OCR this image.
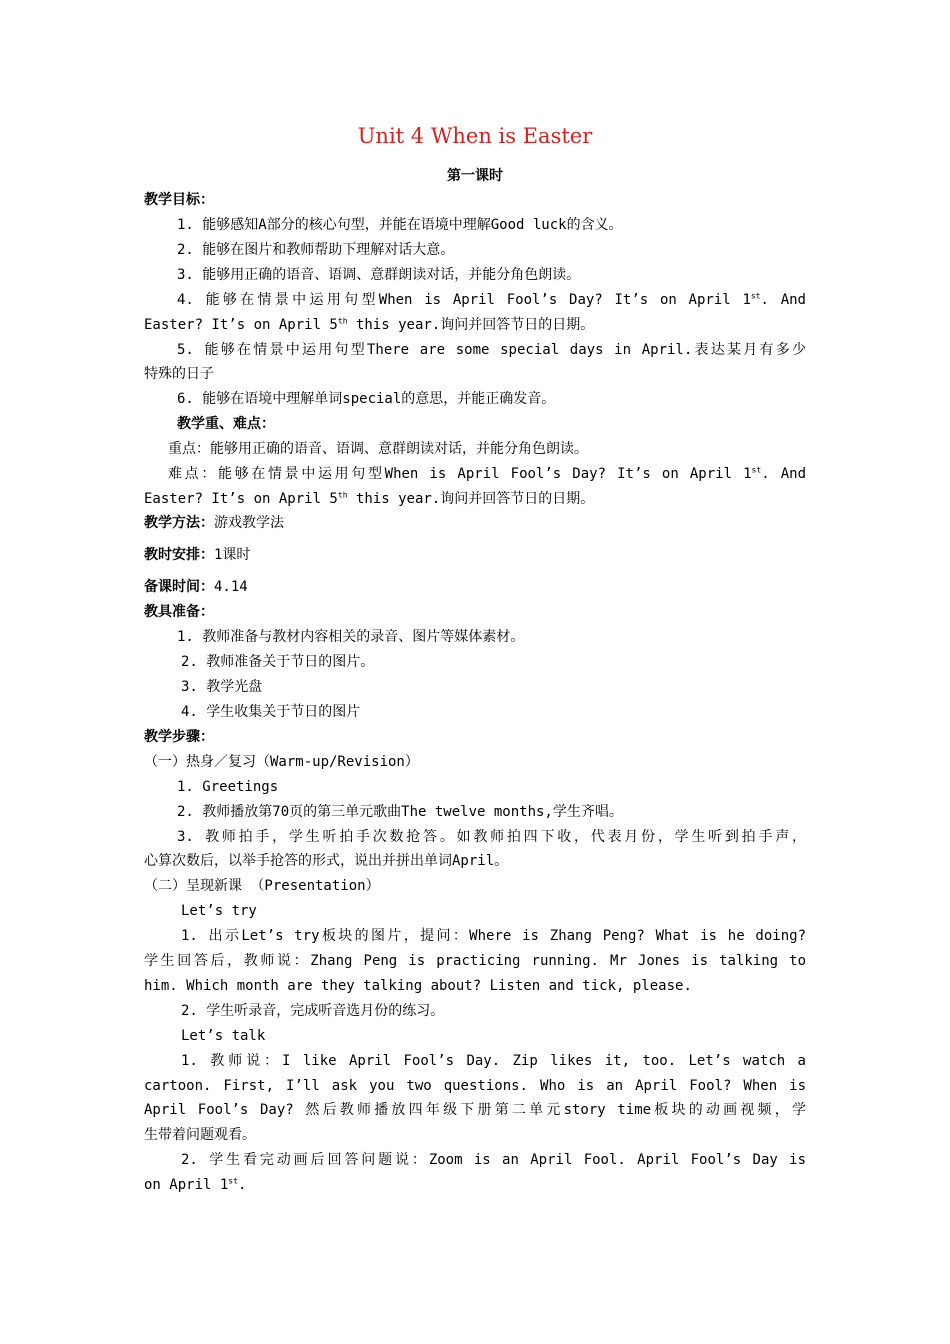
Unit 4 When is Easter
第一课时
教学目标：
1. 能够感知A部分的核心句型，并能在语境中理解Good luck的含义。
2. 能够在图片和教师帮助下理解对话大意。
3. 能够用正确的语音、语调、意群朗读对话，并能分角色朗读。
4. 能够在情景中运用句型When is April Fool’s Day? It’s on April 1st. And
Easter? It’s on April 5th this year.询问并回答节日的日期。
5. 能够在情景中运用句型There are some special days in April.表达某月有多少
特殊的日子
6. 能够在语境中理解单词special的意思，并能正确发音。
教学重、难点：
重点：能够用正确的语音、语调、意群朗读对话，并能分角色朗读。
难点：能够在情景中运用句型When is April Fool’s Day? It’s on April 1st. And
Easter? It’s on April 5th this year.询问并回答节日的日期。
教学方法：游戏教学法
教时安排：1课时
备课时间：4.14
教具准备：
1. 教师准备与教材内容相关的录音、图片等媒体素材。
2. 教师准备关于节日的图片。
3. 教学光盘
4. 学生收集关于节日的图片
教学步骤：
（一）热身／复习（Warm-up/Revision）
1. Greetings
2. 教师播放第70页的第三单元歌曲The twelve months,学生齐唱。
3. 教师拍手，学生听拍手次数抢答。如教师拍四下收，代表月份，学生听到拍手声，
心算次数后，以举手抢答的形式，说出并拼出单词April。
（二）呈现新课 （Presentation）
Let’s try
1. 出示Let’s try板块的图片，提问：Where is Zhang Peng? What is he doing?
学生回答后，教师说：Zhang Peng is practicing running. Mr Jones is talking to
him. Which month are they talking about? Listen and tick, please.
2. 学生听录音，完成听音选月份的练习。
Let’s talk
1. 教师说：I like April Fool’s Day. Zip likes it, too. Let’s watch a
cartoon. First, I’ll ask you two questions. Who is an April Fool? When is
April Fool’s Day? 然后教师播放四年级下册第二单元story time板块的动画视频，学
生带着问题观看。
2. 学生看完动画后回答问题说：Zoom is an April Fool. April Fool’s Day is
on April 1st.
